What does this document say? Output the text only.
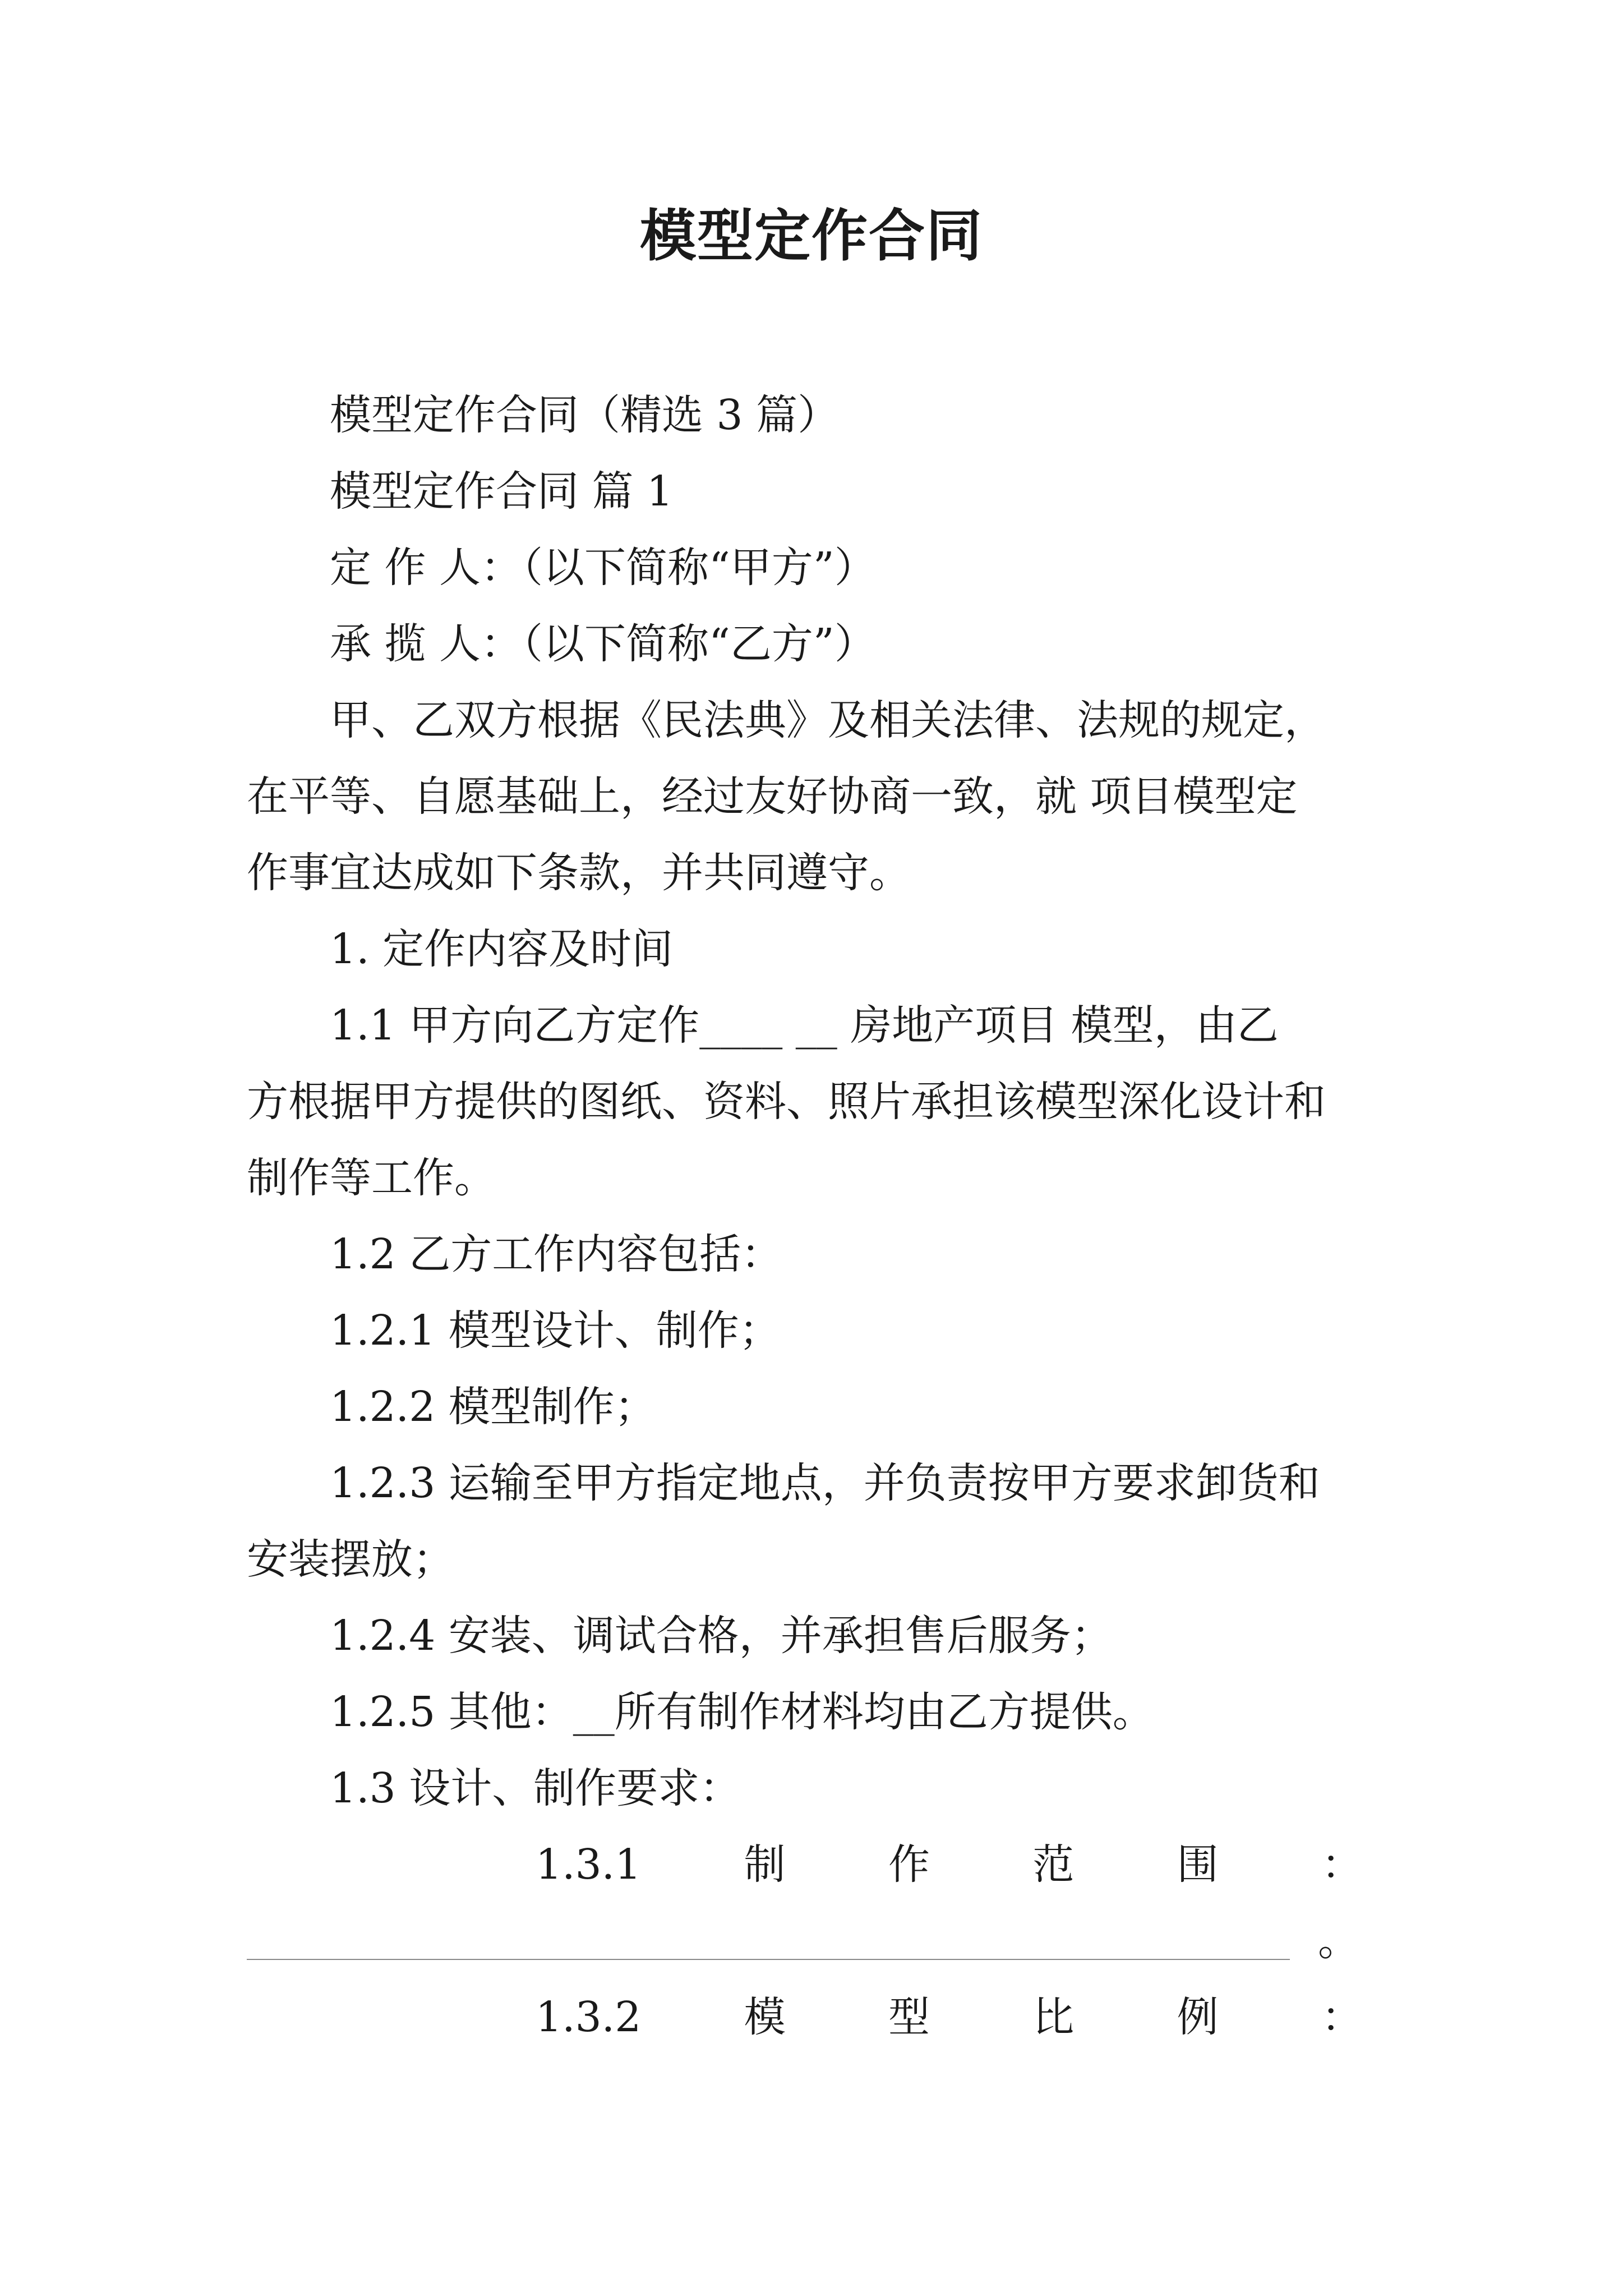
模型定作合同

模型定作合同（精选 3 篇）

模型定作合同 篇 1

定 作 人：（以下简称“甲方”）

承 揽 人：（以下简称“乙方”）

甲、乙双方根据《民法典》及相关法律、法规的规定，

在平等、自愿基础上，经过友好协商一致，就 项目模型定

作事宜达成如下条款，并共同遵守。

1. 定作内容及时间

1.1 甲方向乙方定作____ __ 房地产项目 模型，由乙

方根据甲方提供的图纸、资料、照片承担该模型深化设计和

制作等工作。

1.2 乙方工作内容包括：

1.2.1 模型设计、制作；

1.2.2 模型制作；

1.2.3 运输至甲方指定地点，并负责按甲方要求卸货和

安装摆放；

1.2.4 安装、调试合格，并承担售后服务；

1.2.5 其他：__所有制作材料均由乙方提供。

1.3 设计、制作要求：

1.3.1 制 作 范 围 ：
。
1.3.2 模 型 比 例 ：
